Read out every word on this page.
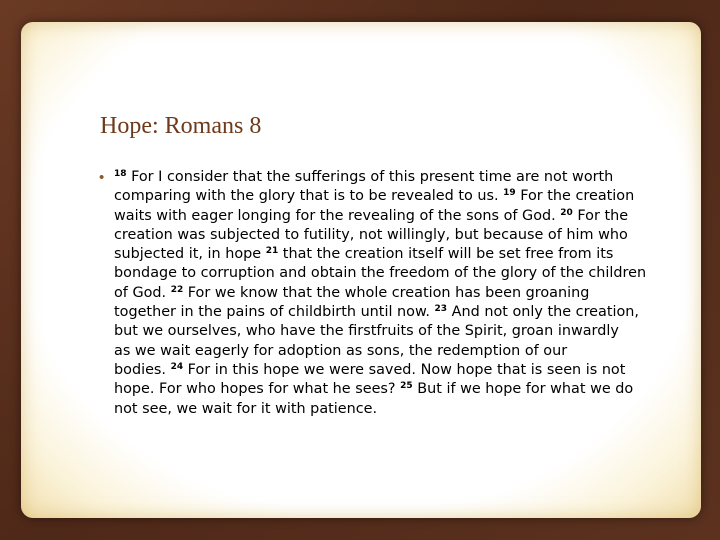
Hope: Romans 8
• $^{18}$ For I consider that the sufferings of this present time are not worth
comparing with the glory that is to be revealed to us. $^{19}$ For the creation
waits with eager longing for the revealing of the sons of God. $^{20}$ For the
creation was subjected to futility, not willingly, but because of him who
subjected it, in hope $^{21}$ that the creation itself will be set free from its
bondage to corruption and obtain the freedom of the glory of the children
of God. $^{22}$ For we know that the whole creation has been groaning
together in the pains of childbirth until now. $^{23}$ And not only the creation,
but we ourselves, who have the firstfruits of the Spirit, groan inwardly
as we wait eagerly for adoption as sons, the redemption of our
bodies. $^{24}$ For in this hope we were saved. Now hope that is seen is not
hope. For who hopes for what he sees? $^{25}$ But if we hope for what we do
not see, we wait for it with patience.
